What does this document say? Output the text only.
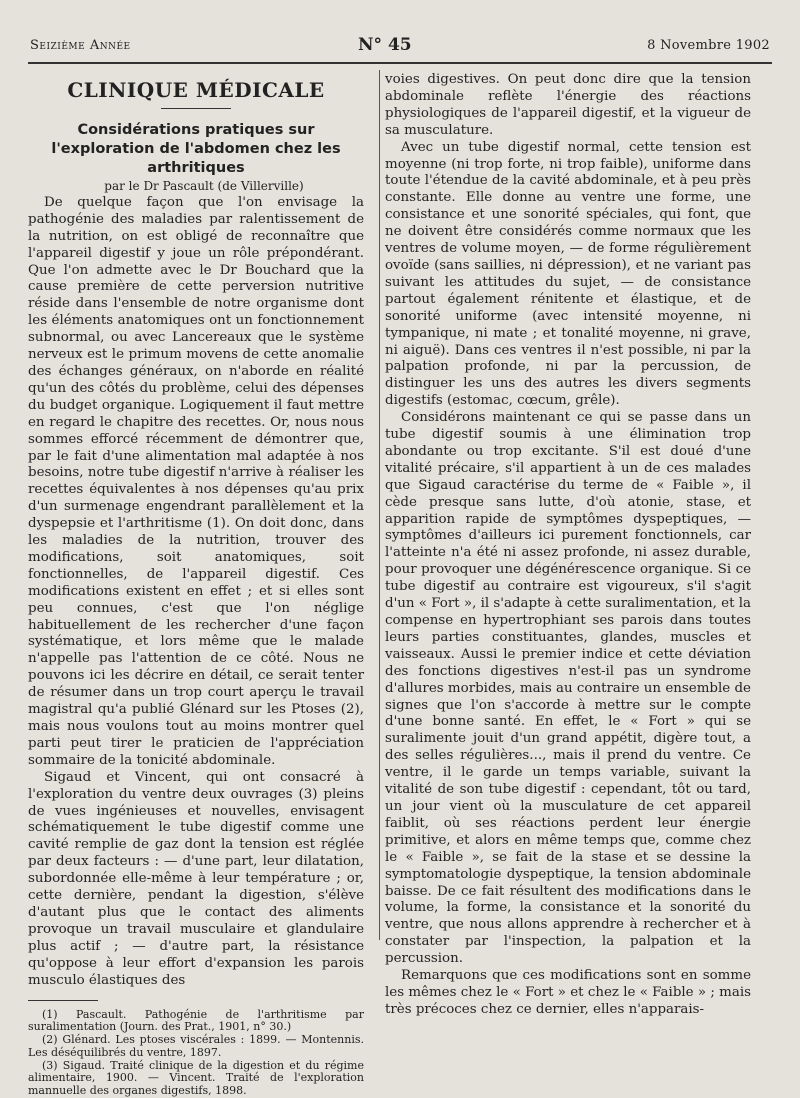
Seizième Année	N° 45	8 Novembre 1902
CLINIQUE MÉDICALE
Considérations pratiques sur l'exploration de l'abdomen chez les arthritiques

par le Dr Pascault (de Villerville)

De quelque façon que l'on envisage la pathogénie des maladies par ralentissement de la nutrition, on est obligé de reconnaître que l'appareil digestif y joue un rôle prépondérant. Que l'on admette avec le Dr Bouchard que la cause première de cette perversion nutritive réside dans l'ensemble de notre organisme dont les éléments anatomiques ont un fonctionnement subnormal, ou avec Lancereaux que le système nerveux est le primum movens de cette anomalie des échanges généraux, on n'aborde en réalité qu'un des côtés du problème, celui des dépenses du budget organique. Logiquement il faut mettre en regard le chapitre des recettes. Or, nous nous sommes efforcé récemment de démontrer que, par le fait d'une alimentation mal adaptée à nos besoins, notre tube digestif n'arrive à réaliser les recettes équivalentes à nos dépenses qu'au prix d'un surmenage engendrant parallèlement et la dyspepsie et l'arthritisme (1). On doit donc, dans les maladies de la nutrition, trouver des modifications, soit anatomiques, soit fonctionnelles, de l'appareil digestif. Ces modifications existent en effet ; et si elles sont peu connues, c'est que l'on néglige habituellement de les rechercher d'une façon systématique, et lors même que le malade n'appelle pas l'attention de ce côté. Nous ne pouvons ici les décrire en détail, ce serait tenter de résumer dans un trop court aperçu le travail magistral qu'a publié Glénard sur les Ptoses (2), mais nous voulons tout au moins montrer quel parti peut tirer le praticien de l'appréciation sommaire de la tonicité abdominale.

Sigaud et Vincent, qui ont consacré à l'exploration du ventre deux ouvrages (3) pleins de vues ingénieuses et nouvelles, envisagent schématiquement le tube digestif comme une cavité remplie de gaz dont la tension est réglée par deux facteurs : — d'une part, leur dilatation, subordonnée elle-même à leur température ; or, cette dernière, pendant la digestion, s'élève d'autant plus que le contact des aliments provoque un travail musculaire et glandulaire plus actif ; — d'autre part, la résistance qu'oppose à leur effort d'expansion les parois musculo élastiques des

(1) Pascault. Pathogénie de l'arthritisme par suralimentation (Journ. des Prat., 1901, n° 30.)

(2) Glénard. Les ptoses viscérales : 1899. — Montennis. Les déséquilibrés du ventre, 1897.

(3) Sigaud. Traité clinique de la digestion et du régime alimentaire, 1900. — Vincent. Traité de l'exploration mannuelle des organes digestifs, 1898.

voies digestives. On peut donc dire que la tension abdominale reflète l'énergie des réactions physiologiques de l'appareil digestif, et la vigueur de sa musculature.

Avec un tube digestif normal, cette tension est moyenne (ni trop forte, ni trop faible), uniforme dans toute l'étendue de la cavité abdominale, et à peu près constante. Elle donne au ventre une forme, une consistance et une sonorité spéciales, qui font, que ne doivent être considérés comme normaux que les ventres de volume moyen, — de forme régulièrement ovoïde (sans saillies, ni dépression), et ne variant pas suivant les attitudes du sujet, — de consistance partout également rénitente et élastique, et de sonorité uniforme (avec intensité moyenne, ni tympanique, ni mate ; et tonalité moyenne, ni grave, ni aiguë). Dans ces ventres il n'est possible, ni par la palpation profonde, ni par la percussion, de distinguer les uns des autres les divers segments digestifs (estomac, cœcum, grêle).

Considérons maintenant ce qui se passe dans un tube digestif soumis à une élimination trop abondante ou trop excitante. S'il est doué d'une vitalité précaire, s'il appartient à un de ces malades que Sigaud caractérise du terme de « Faible », il cède presque sans lutte, d'où atonie, stase, et apparition rapide de symptômes dyspeptiques, — symptômes d'ailleurs ici purement fonctionnels, car l'atteinte n'a été ni assez profonde, ni assez durable, pour provoquer une dégénérescence organique. Si ce tube digestif au contraire est vigoureux, s'il s'agit d'un « Fort », il s'adapte à cette suralimentation, et la compense en hypertrophiant ses parois dans toutes leurs parties constituantes, glandes, muscles et vaisseaux. Aussi le premier indice et cette déviation des fonctions digestives n'est-il pas un syndrome d'allures morbides, mais au contraire un ensemble de signes que l'on s'accorde à mettre sur le compte d'une bonne santé. En effet, le « Fort » qui se suralimente jouit d'un grand appétit, digère tout, a des selles régulières..., mais il prend du ventre. Ce ventre, il le garde un temps variable, suivant la vitalité de son tube digestif : cependant, tôt ou tard, un jour vient où la musculature de cet appareil faiblit, où ses réactions perdent leur énergie primitive, et alors en même temps que, comme chez le « Faible », se fait de la stase et se dessine la symptomatologie dyspeptique, la tension abdominale baisse. De ce fait résultent des modifications dans le volume, la forme, la consistance et la sonorité du ventre, que nous allons apprendre à rechercher et à constater par l'inspection, la palpation et la percussion.

Remarquons que ces modifications sont en somme les mêmes chez le « Fort » et chez le « Faible » ; mais très précoces chez ce dernier, elles n'apparais-
